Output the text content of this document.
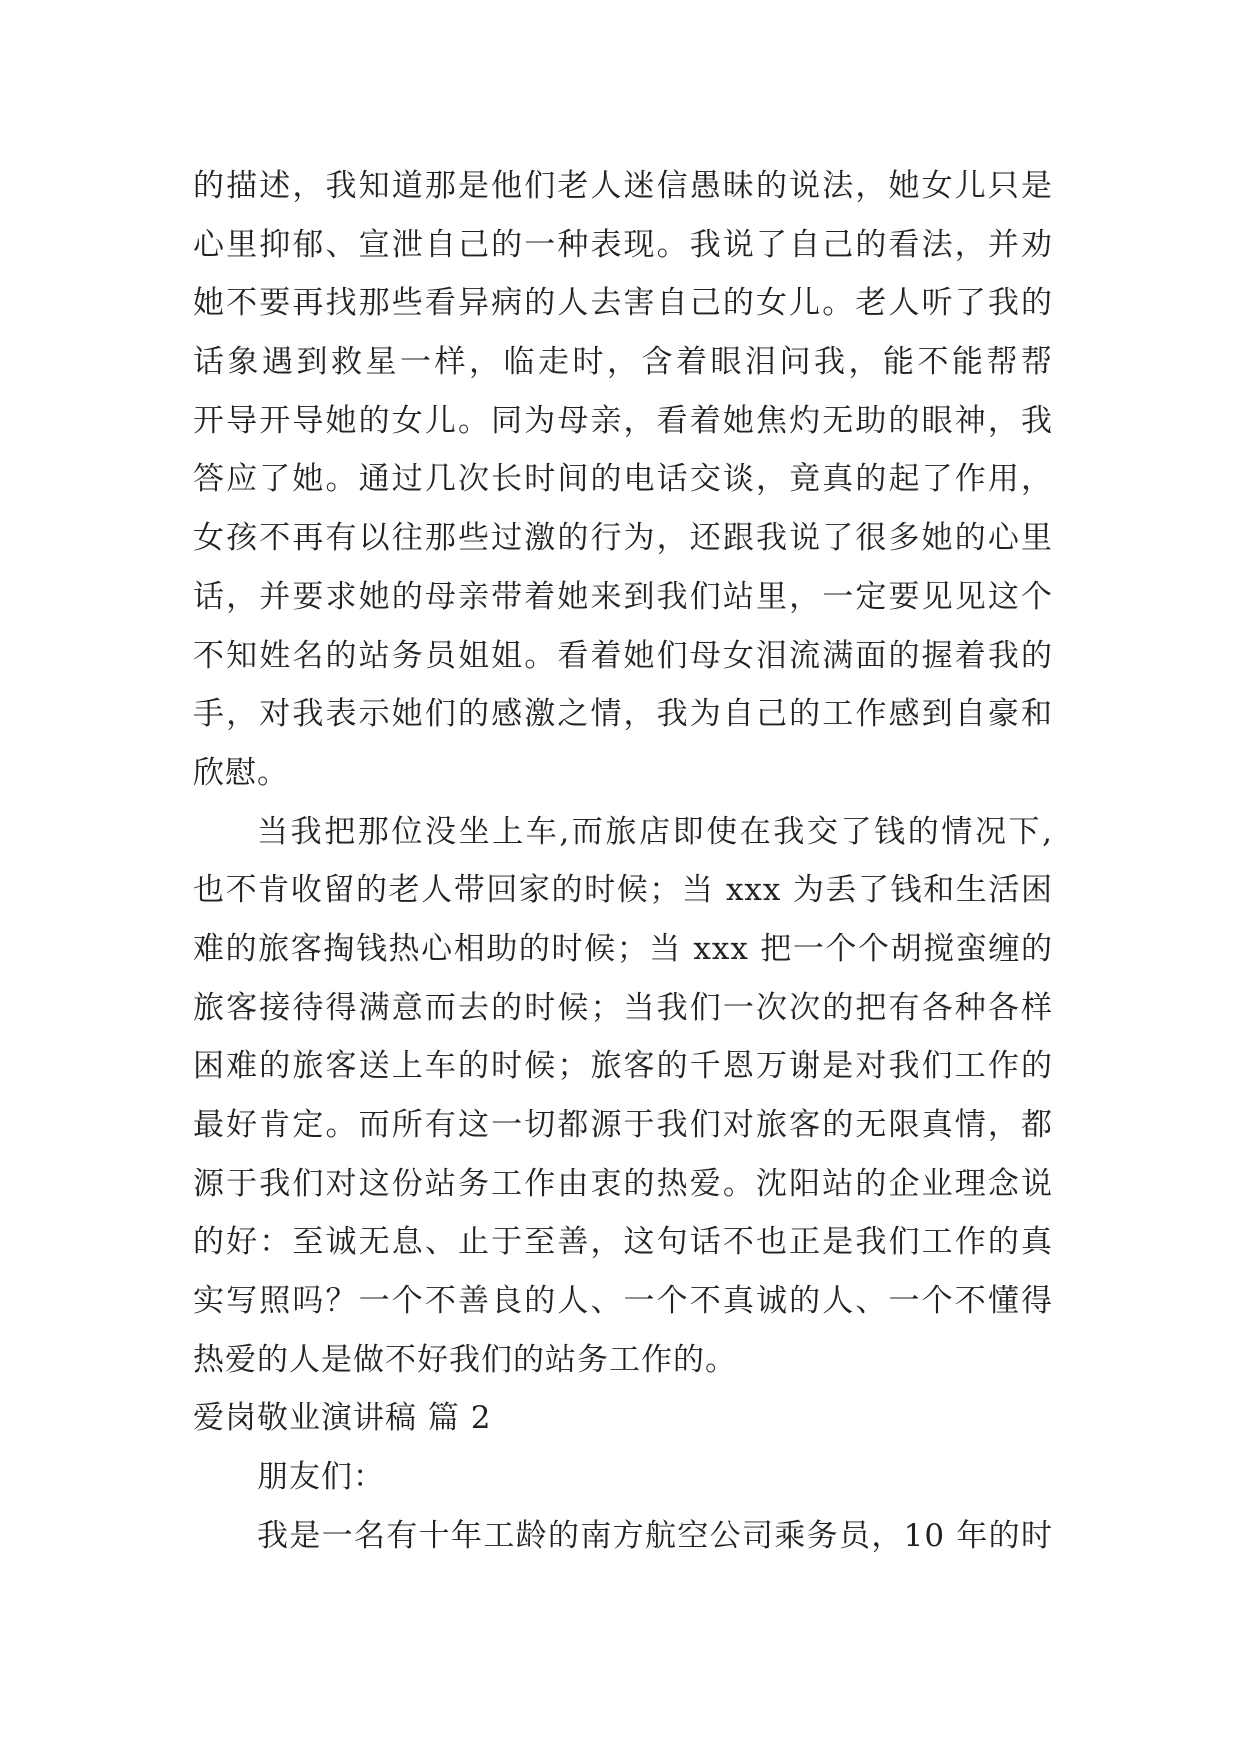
的描述，我知道那是他们老人迷信愚昧的说法，她女儿只是
心里抑郁、宣泄自己的一种表现。我说了自己的看法，并劝
她不要再找那些看异病的人去害自己的女儿。老人听了我的
话象遇到救星一样，临走时，含着眼泪问我，能不能帮帮
开导开导她的女儿。同为母亲，看着她焦灼无助的眼神，我
答应了她。通过几次长时间的电话交谈，竟真的起了作用，
女孩不再有以往那些过激的行为，还跟我说了很多她的心里
话，并要求她的母亲带着她来到我们站里，一定要见见这个
不知姓名的站务员姐姐。看着她们母女泪流满面的握着我的
手，对我表示她们的感激之情，我为自己的工作感到自豪和
欣慰。
当我把那位没坐上车,而旅店即使在我交了钱的情况下,
也不肯收留的老人带回家的时候；当 xxx 为丢了钱和生活困
难的旅客掏钱热心相助的时候；当 xxx 把一个个胡搅蛮缠的
旅客接待得满意而去的时候；当我们一次次的把有各种各样
困难的旅客送上车的时候；旅客的千恩万谢是对我们工作的
最好肯定。而所有这一切都源于我们对旅客的无限真情，都
源于我们对这份站务工作由衷的热爱。沈阳站的企业理念说
的好：至诚无息、止于至善，这句话不也正是我们工作的真
实写照吗？一个不善良的人、一个不真诚的人、一个不懂得
热爱的人是做不好我们的站务工作的。
爱岗敬业演讲稿 篇 2
朋友们：
我是一名有十年工龄的南方航空公司乘务员，10 年的时
